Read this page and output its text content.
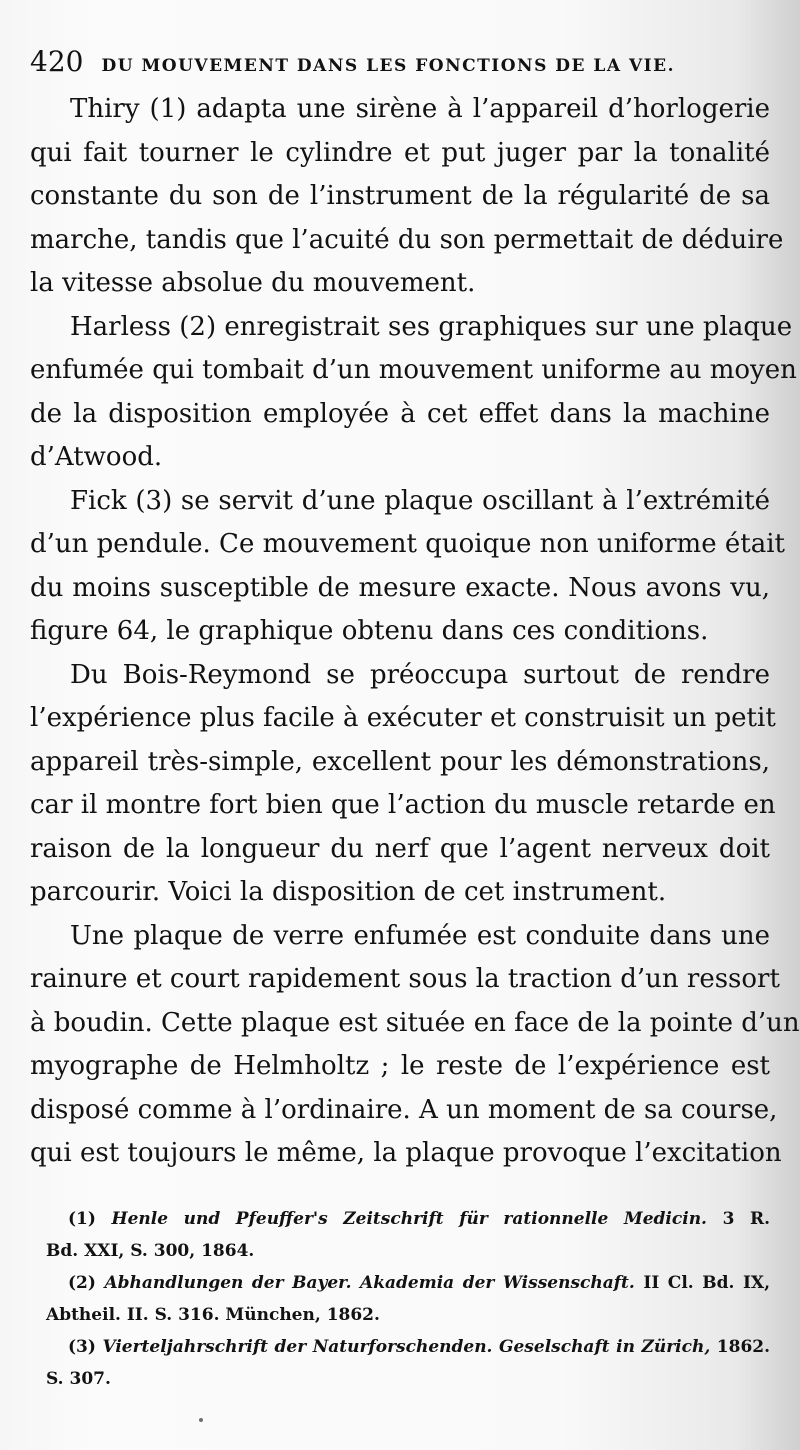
420 DU MOUVEMENT DANS LES FONCTIONS DE LA VIE.
Thiry (1) adapta une sirène à l’appareil d’horlogerie
qui fait tourner le cylindre et put juger par la tonalité
constante du son de l’instrument de la régularité de sa
marche, tandis que l’acuité du son permettait de déduire
la vitesse absolue du mouvement.
Harless (2) enregistrait ses graphiques sur une plaque
enfumée qui tombait d’un mouvement uniforme au moyen
de la disposition employée à cet effet dans la machine
d’Atwood.
Fick (3) se servit d’une plaque oscillant à l’extrémité
d’un pendule. Ce mouvement quoique non uniforme était
du moins susceptible de mesure exacte. Nous avons vu,
figure 64, le graphique obtenu dans ces conditions.
Du Bois-Reymond se préoccupa surtout de rendre
l’expérience plus facile à exécuter et construisit un petit
appareil très-simple, excellent pour les démonstrations,
car il montre fort bien que l’action du muscle retarde en
raison de la longueur du nerf que l’agent nerveux doit
parcourir. Voici la disposition de cet instrument.
Une plaque de verre enfumée est conduite dans une
rainure et court rapidement sous la traction d’un ressort
à boudin. Cette plaque est située en face de la pointe d’un
myographe de Helmholtz ; le reste de l’expérience est
disposé comme à l’ordinaire. A un moment de sa course,
qui est toujours le même, la plaque provoque l’excitation
(1) Henle und Pfeuffer's Zeitschrift für rationnelle Medicin. 3 R.
Bd. XXI, S. 300, 1864.
(2) Abhandlungen der Bayer. Akademia der Wissenschaft. II Cl. Bd. IX,
Abtheil. II. S. 316. München, 1862.
(3) Vierteljahrschrift der Naturforschenden. Geselschaft in Zürich, 1862.
S. 307.
